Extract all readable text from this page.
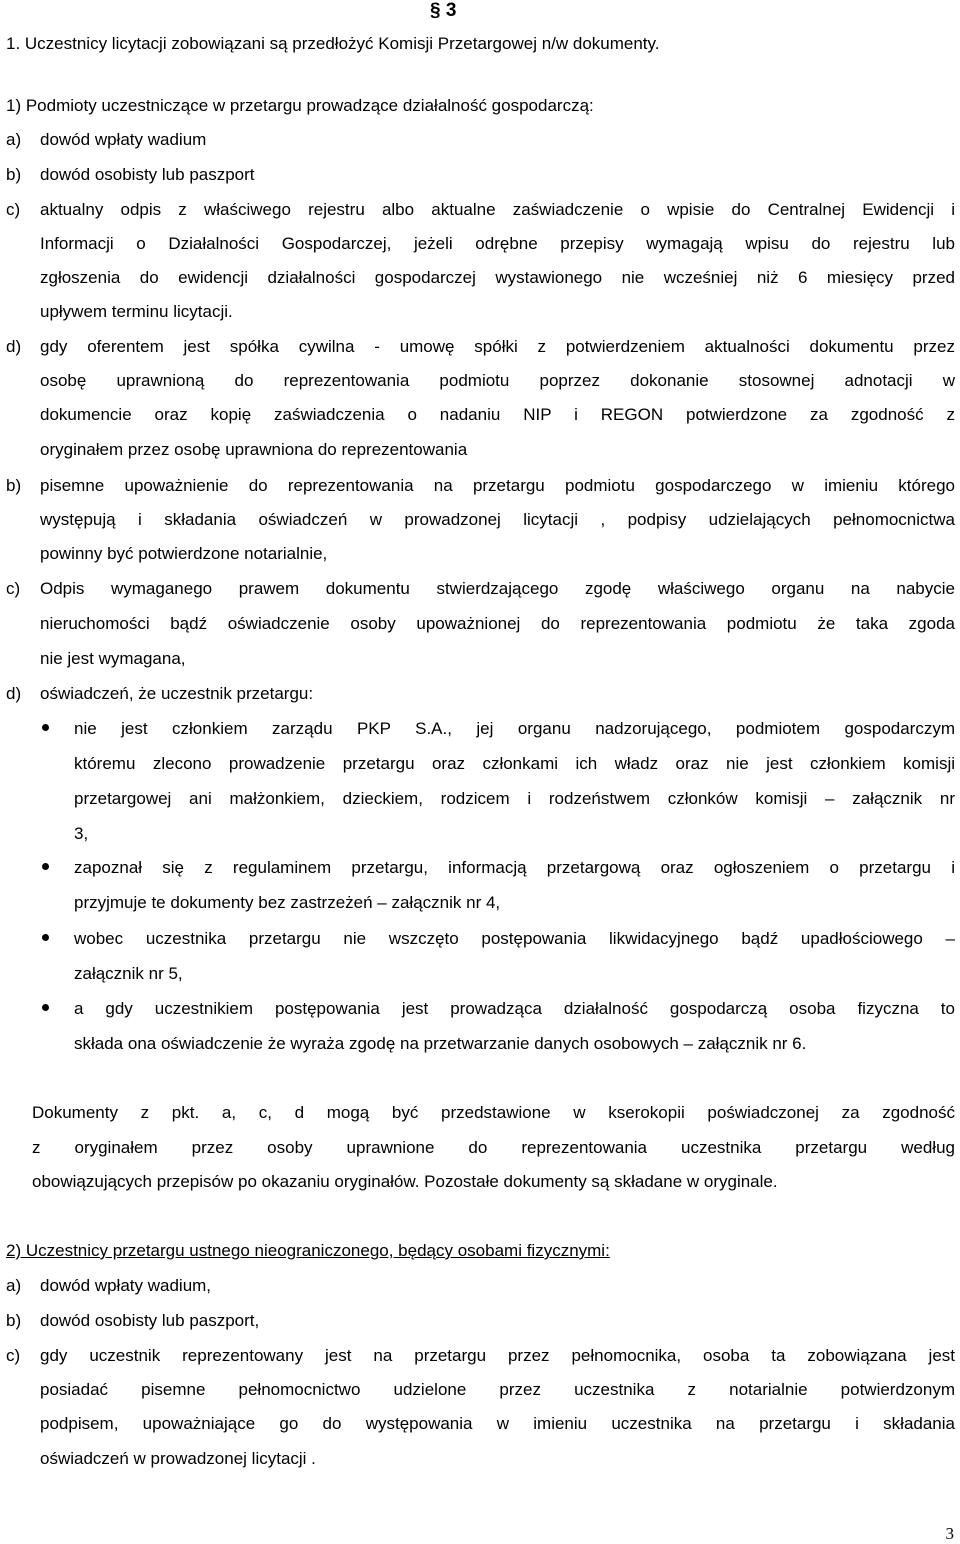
§ 3
1. Uczestnicy licytacji zobowiązani są przedłożyć Komisji Przetargowej n/w dokumenty.
1) Podmioty uczestniczące w przetargu prowadzące działalność gospodarczą:
a) dowód wpłaty wadium
b) dowód osobisty lub paszport
c) aktualny odpis z właściwego rejestru albo aktualne zaświadczenie o wpisie do Centralnej Ewidencji i
Informacji o Działalności Gospodarczej, jeżeli odrębne przepisy wymagają wpisu do rejestru lub
zgłoszenia do ewidencji działalności gospodarczej wystawionego nie wcześniej niż 6 miesięcy przed
upływem terminu licytacji.
d) gdy oferentem jest spółka cywilna - umowę spółki z potwierdzeniem aktualności dokumentu przez
osobę uprawnioną do reprezentowania podmiotu poprzez dokonanie stosownej adnotacji w
dokumencie oraz kopię zaświadczenia o nadaniu NIP i REGON potwierdzone za zgodność z
oryginałem przez osobę uprawniona do reprezentowania
b) pisemne upoważnienie do reprezentowania na przetargu podmiotu gospodarczego w imieniu którego
występują i składania oświadczeń w prowadzonej licytacji , podpisy udzielających pełnomocnictwa
powinny być potwierdzone notarialnie,
c) Odpis wymaganego prawem dokumentu stwierdzającego zgodę właściwego organu na nabycie
nieruchomości bądź oświadczenie osoby upoważnionej do reprezentowania podmiotu że taka zgoda
nie jest wymagana,
d) oświadczeń, że uczestnik przetargu:
nie jest członkiem zarządu PKP S.A., jej organu nadzorującego, podmiotem gospodarczym
któremu zlecono prowadzenie przetargu oraz członkami ich władz oraz nie jest członkiem komisji
przetargowej ani małżonkiem, dzieckiem, rodzicem i rodzeństwem członków komisji – załącznik nr
3,
zapoznał się z regulaminem przetargu, informacją przetargową oraz ogłoszeniem o przetargu i
przyjmuje te dokumenty bez zastrzeżeń – załącznik nr 4,
wobec uczestnika przetargu nie wszczęto postępowania likwidacyjnego bądź upadłościowego –
załącznik nr 5,
a gdy uczestnikiem postępowania jest prowadząca działalność gospodarczą osoba fizyczna to
składa ona oświadczenie że wyraża zgodę na przetwarzanie danych osobowych – załącznik nr 6.
Dokumenty z pkt. a, c, d mogą być przedstawione w kserokopii poświadczonej za zgodność
z oryginałem przez osoby uprawnione do reprezentowania uczestnika przetargu według
obowiązujących przepisów po okazaniu oryginałów. Pozostałe dokumenty są składane w oryginale.
2) Uczestnicy przetargu ustnego nieograniczonego, będący osobami fizycznymi:
a) dowód wpłaty wadium,
b) dowód osobisty lub paszport,
c) gdy uczestnik reprezentowany jest na przetargu przez pełnomocnika, osoba ta zobowiązana jest
posiadać pisemne pełnomocnictwo udzielone przez uczestnika z notarialnie potwierdzonym
podpisem, upoważniające go do występowania w imieniu uczestnika na przetargu i składania
oświadczeń w prowadzonej licytacji .
3
